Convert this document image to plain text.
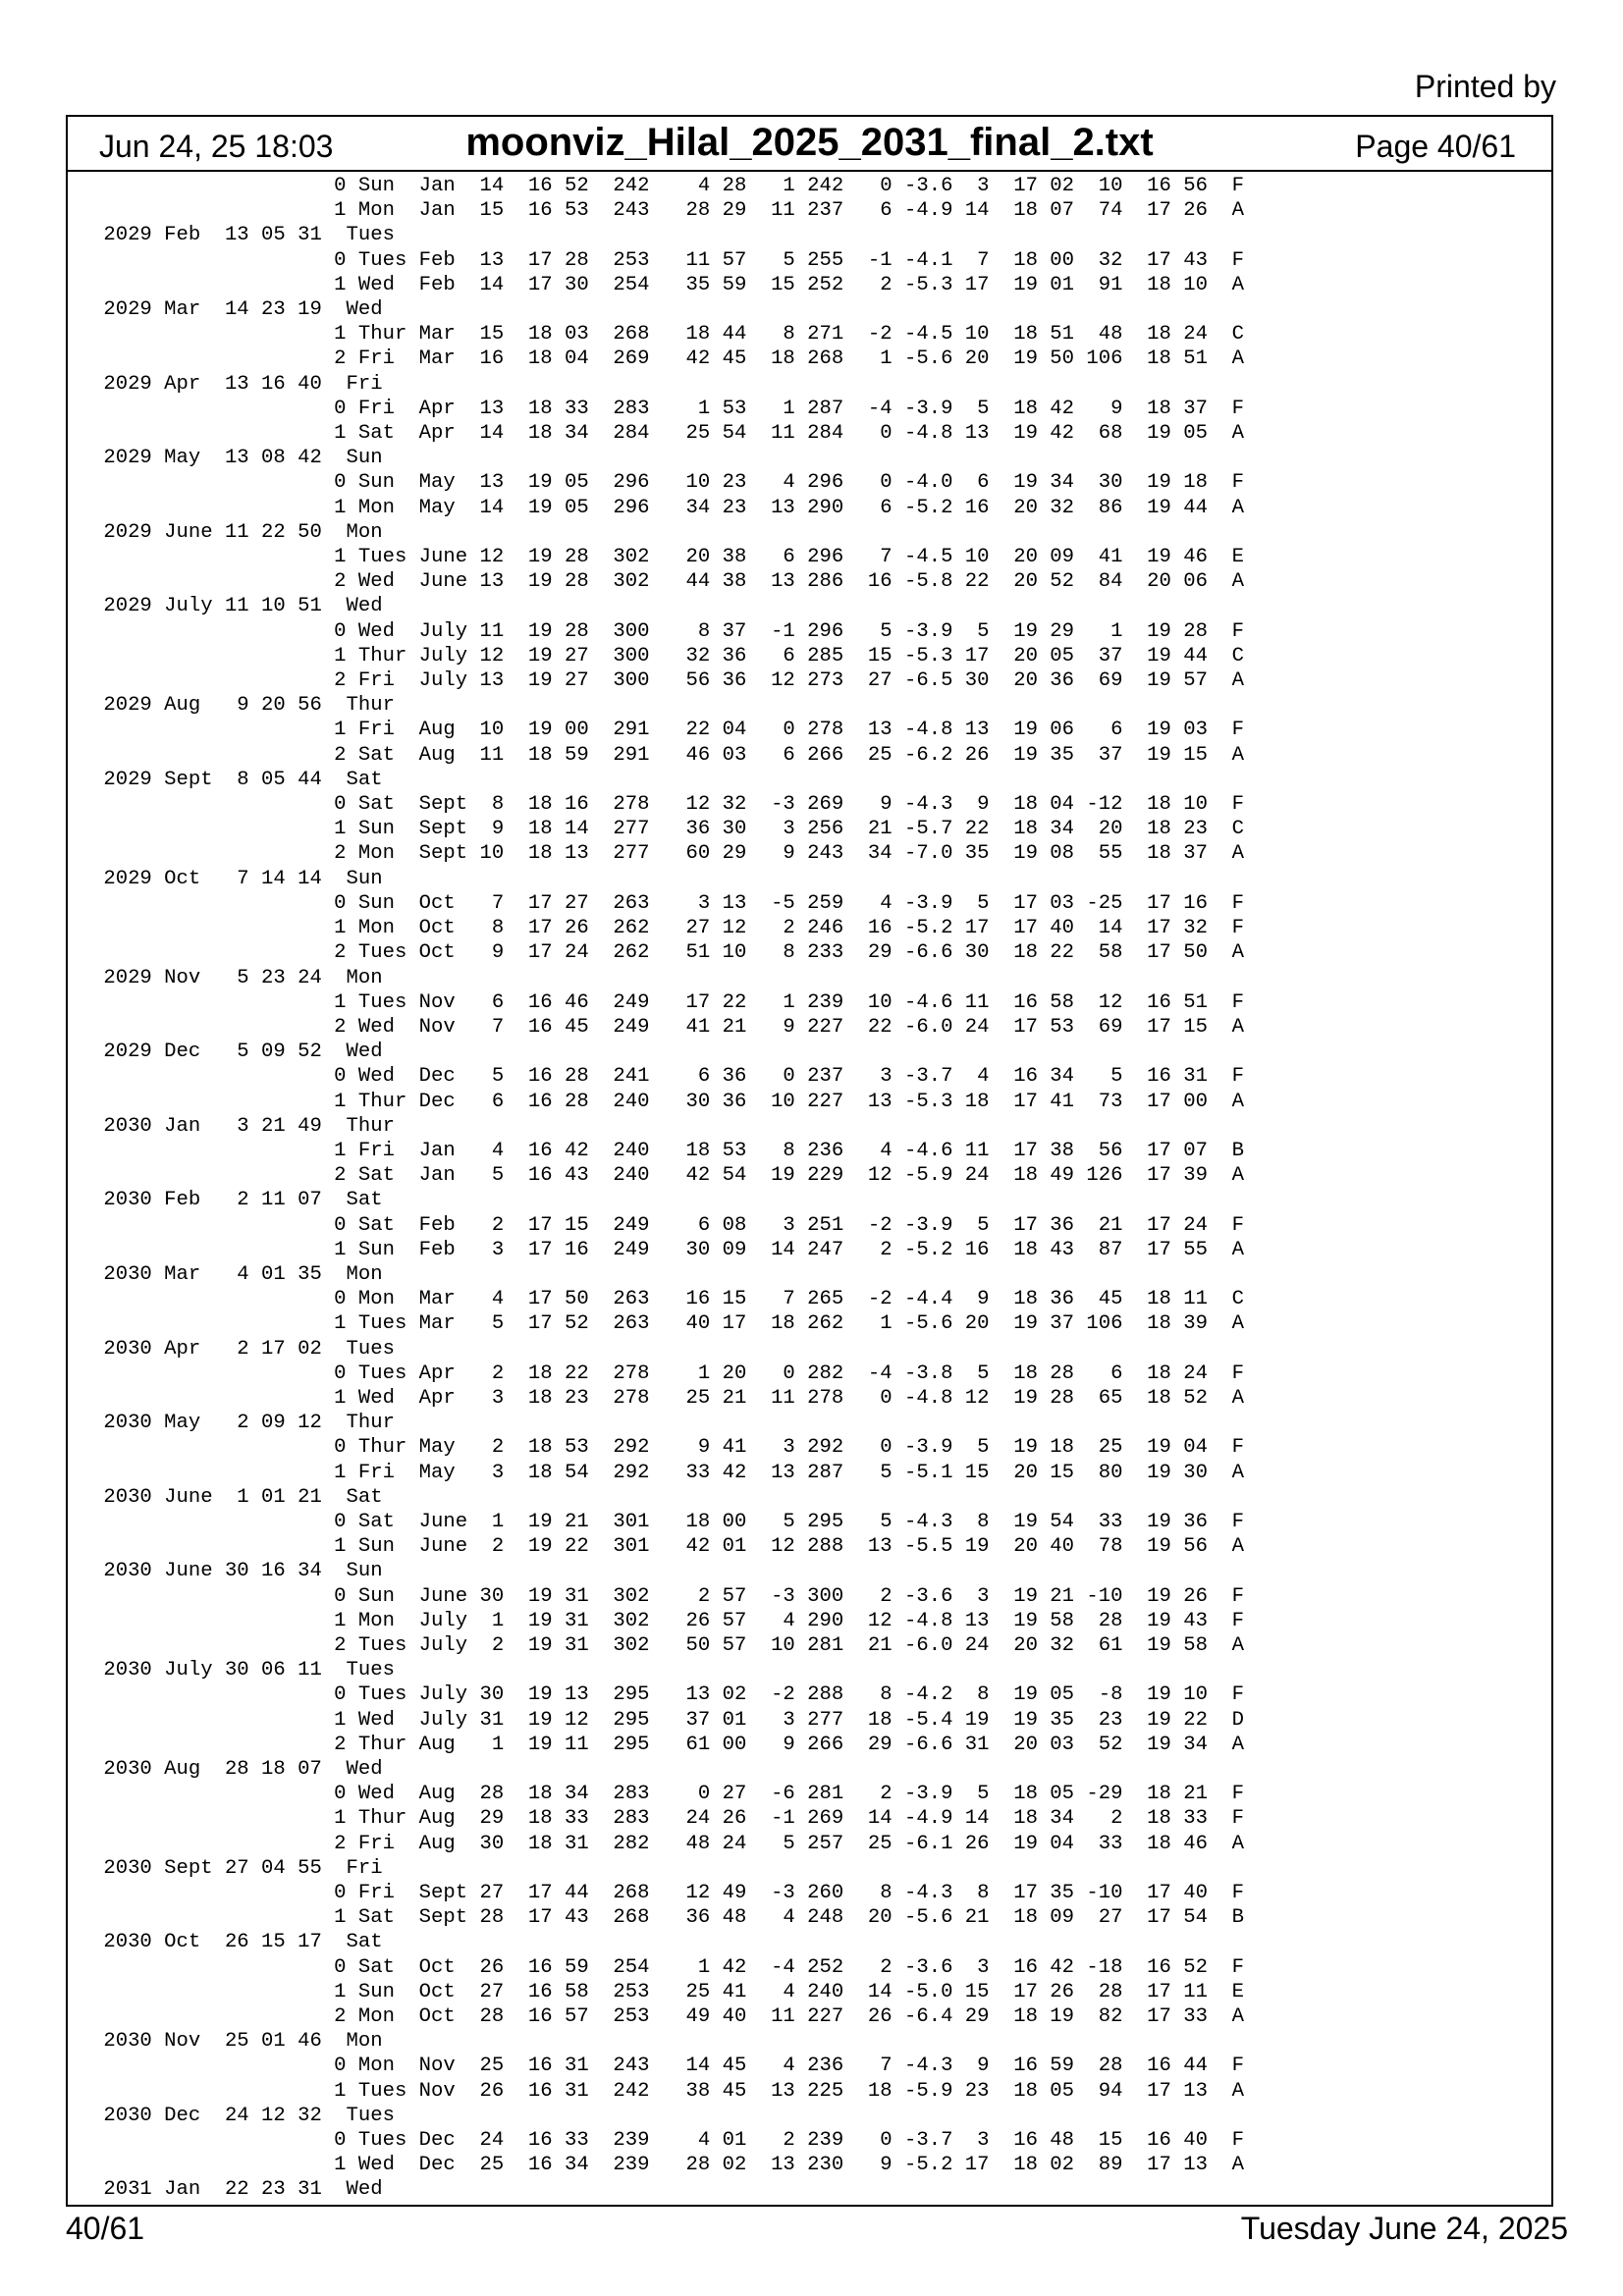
Printed by
Jun 24, 25 18:03	moonviz_Hilal_2025_2031_final_2.txt	Page 40/61
0 Sun  Jan  14  16 52  242    4 28   1 242   0 -3.6  3  17 02  10  16 56  F
1 Mon  Jan  15  16 53  243   28 29  11 237   6 -4.9 14  18 07  74  17 26  A
2029 Feb  13 05 31  Tues
0 Tues Feb  13  17 28  253   11 57   5 255  -1 -4.1  7  18 00  32  17 43  F
1 Wed  Feb  14  17 30  254   35 59  15 252   2 -5.3 17  19 01  91  18 10  A
2029 Mar  14 23 19  Wed
1 Thur Mar  15  18 03  268   18 44   8 271  -2 -4.5 10  18 51  48  18 24  C
2 Fri  Mar  16  18 04  269   42 45  18 268   1 -5.6 20  19 50 106  18 51  A
2029 Apr  13 16 40  Fri
0 Fri  Apr  13  18 33  283    1 53   1 287  -4 -3.9  5  18 42   9  18 37  F
1 Sat  Apr  14  18 34  284   25 54  11 284   0 -4.8 13  19 42  68  19 05  A
2029 May  13 08 42  Sun
0 Sun  May  13  19 05  296   10 23   4 296   0 -4.0  6  19 34  30  19 18  F
1 Mon  May  14  19 05  296   34 23  13 290   6 -5.2 16  20 32  86  19 44  A
2029 June 11 22 50  Mon
1 Tues June 12  19 28  302   20 38   6 296   7 -4.5 10  20 09  41  19 46  E
2 Wed  June 13  19 28  302   44 38  13 286  16 -5.8 22  20 52  84  20 06  A
2029 July 11 10 51  Wed
0 Wed  July 11  19 28  300    8 37  -1 296   5 -3.9  5  19 29   1  19 28  F
1 Thur July 12  19 27  300   32 36   6 285  15 -5.3 17  20 05  37  19 44  C
2 Fri  July 13  19 27  300   56 36  12 273  27 -6.5 30  20 36  69  19 57  A
2029 Aug   9 20 56  Thur
1 Fri  Aug  10  19 00  291   22 04   0 278  13 -4.8 13  19 06   6  19 03  F
2 Sat  Aug  11  18 59  291   46 03   6 266  25 -6.2 26  19 35  37  19 15  A
2029 Sept  8 05 44  Sat
0 Sat  Sept  8  18 16  278   12 32  -3 269   9 -4.3  9  18 04 -12  18 10  F
1 Sun  Sept  9  18 14  277   36 30   3 256  21 -5.7 22  18 34  20  18 23  C
2 Mon  Sept 10  18 13  277   60 29   9 243  34 -7.0 35  19 08  55  18 37  A
2029 Oct   7 14 14  Sun
0 Sun  Oct   7  17 27  263    3 13  -5 259   4 -3.9  5  17 03 -25  17 16  F
1 Mon  Oct   8  17 26  262   27 12   2 246  16 -5.2 17  17 40  14  17 32  F
2 Tues Oct   9  17 24  262   51 10   8 233  29 -6.6 30  18 22  58  17 50  A
2029 Nov   5 23 24  Mon
1 Tues Nov   6  16 46  249   17 22   1 239  10 -4.6 11  16 58  12  16 51  F
2 Wed  Nov   7  16 45  249   41 21   9 227  22 -6.0 24  17 53  69  17 15  A
2029 Dec   5 09 52  Wed
0 Wed  Dec   5  16 28  241    6 36   0 237   3 -3.7  4  16 34   5  16 31  F
1 Thur Dec   6  16 28  240   30 36  10 227  13 -5.3 18  17 41  73  17 00  A
2030 Jan   3 21 49  Thur
1 Fri  Jan   4  16 42  240   18 53   8 236   4 -4.6 11  17 38  56  17 07  B
2 Sat  Jan   5  16 43  240   42 54  19 229  12 -5.9 24  18 49 126  17 39  A
2030 Feb   2 11 07  Sat
0 Sat  Feb   2  17 15  249    6 08   3 251  -2 -3.9  5  17 36  21  17 24  F
1 Sun  Feb   3  17 16  249   30 09  14 247   2 -5.2 16  18 43  87  17 55  A
2030 Mar   4 01 35  Mon
0 Mon  Mar   4  17 50  263   16 15   7 265  -2 -4.4  9  18 36  45  18 11  C
1 Tues Mar   5  17 52  263   40 17  18 262   1 -5.6 20  19 37 106  18 39  A
2030 Apr   2 17 02  Tues
0 Tues Apr   2  18 22  278    1 20   0 282  -4 -3.8  5  18 28   6  18 24  F
1 Wed  Apr   3  18 23  278   25 21  11 278   0 -4.8 12  19 28  65  18 52  A
2030 May   2 09 12  Thur
0 Thur May   2  18 53  292    9 41   3 292   0 -3.9  5  19 18  25  19 04  F
1 Fri  May   3  18 54  292   33 42  13 287   5 -5.1 15  20 15  80  19 30  A
2030 June  1 01 21  Sat
0 Sat  June  1  19 21  301   18 00   5 295   5 -4.3  8  19 54  33  19 36  F
1 Sun  June  2  19 22  301   42 01  12 288  13 -5.5 19  20 40  78  19 56  A
2030 June 30 16 34  Sun
0 Sun  June 30  19 31  302    2 57  -3 300   2 -3.6  3  19 21 -10  19 26  F
1 Mon  July  1  19 31  302   26 57   4 290  12 -4.8 13  19 58  28  19 43  F
2 Tues July  2  19 31  302   50 57  10 281  21 -6.0 24  20 32  61  19 58  A
2030 July 30 06 11  Tues
0 Tues July 30  19 13  295   13 02  -2 288   8 -4.2  8  19 05  -8  19 10  F
1 Wed  July 31  19 12  295   37 01   3 277  18 -5.4 19  19 35  23  19 22  D
2 Thur Aug   1  19 11  295   61 00   9 266  29 -6.6 31  20 03  52  19 34  A
2030 Aug  28 18 07  Wed
0 Wed  Aug  28  18 34  283    0 27  -6 281   2 -3.9  5  18 05 -29  18 21  F
1 Thur Aug  29  18 33  283   24 26  -1 269  14 -4.9 14  18 34   2  18 33  F
2 Fri  Aug  30  18 31  282   48 24   5 257  25 -6.1 26  19 04  33  18 46  A
2030 Sept 27 04 55  Fri
0 Fri  Sept 27  17 44  268   12 49  -3 260   8 -4.3  8  17 35 -10  17 40  F
1 Sat  Sept 28  17 43  268   36 48   4 248  20 -5.6 21  18 09  27  17 54  B
2030 Oct  26 15 17  Sat
0 Sat  Oct  26  16 59  254    1 42  -4 252   2 -3.6  3  16 42 -18  16 52  F
1 Sun  Oct  27  16 58  253   25 41   4 240  14 -5.0 15  17 26  28  17 11  E
2 Mon  Oct  28  16 57  253   49 40  11 227  26 -6.4 29  18 19  82  17 33  A
2030 Nov  25 01 46  Mon
0 Mon  Nov  25  16 31  243   14 45   4 236   7 -4.3  9  16 59  28  16 44  F
1 Tues Nov  26  16 31  242   38 45  13 225  18 -5.9 23  18 05  94  17 13  A
2030 Dec  24 12 32  Tues
0 Tues Dec  24  16 33  239    4 01   2 239   0 -3.7  3  16 48  15  16 40  F
1 Wed  Dec  25  16 34  239   28 02  13 230   9 -5.2 17  18 02  89  17 13  A
2031 Jan  22 23 31  Wed
40/61	Tuesday June 24, 2025
